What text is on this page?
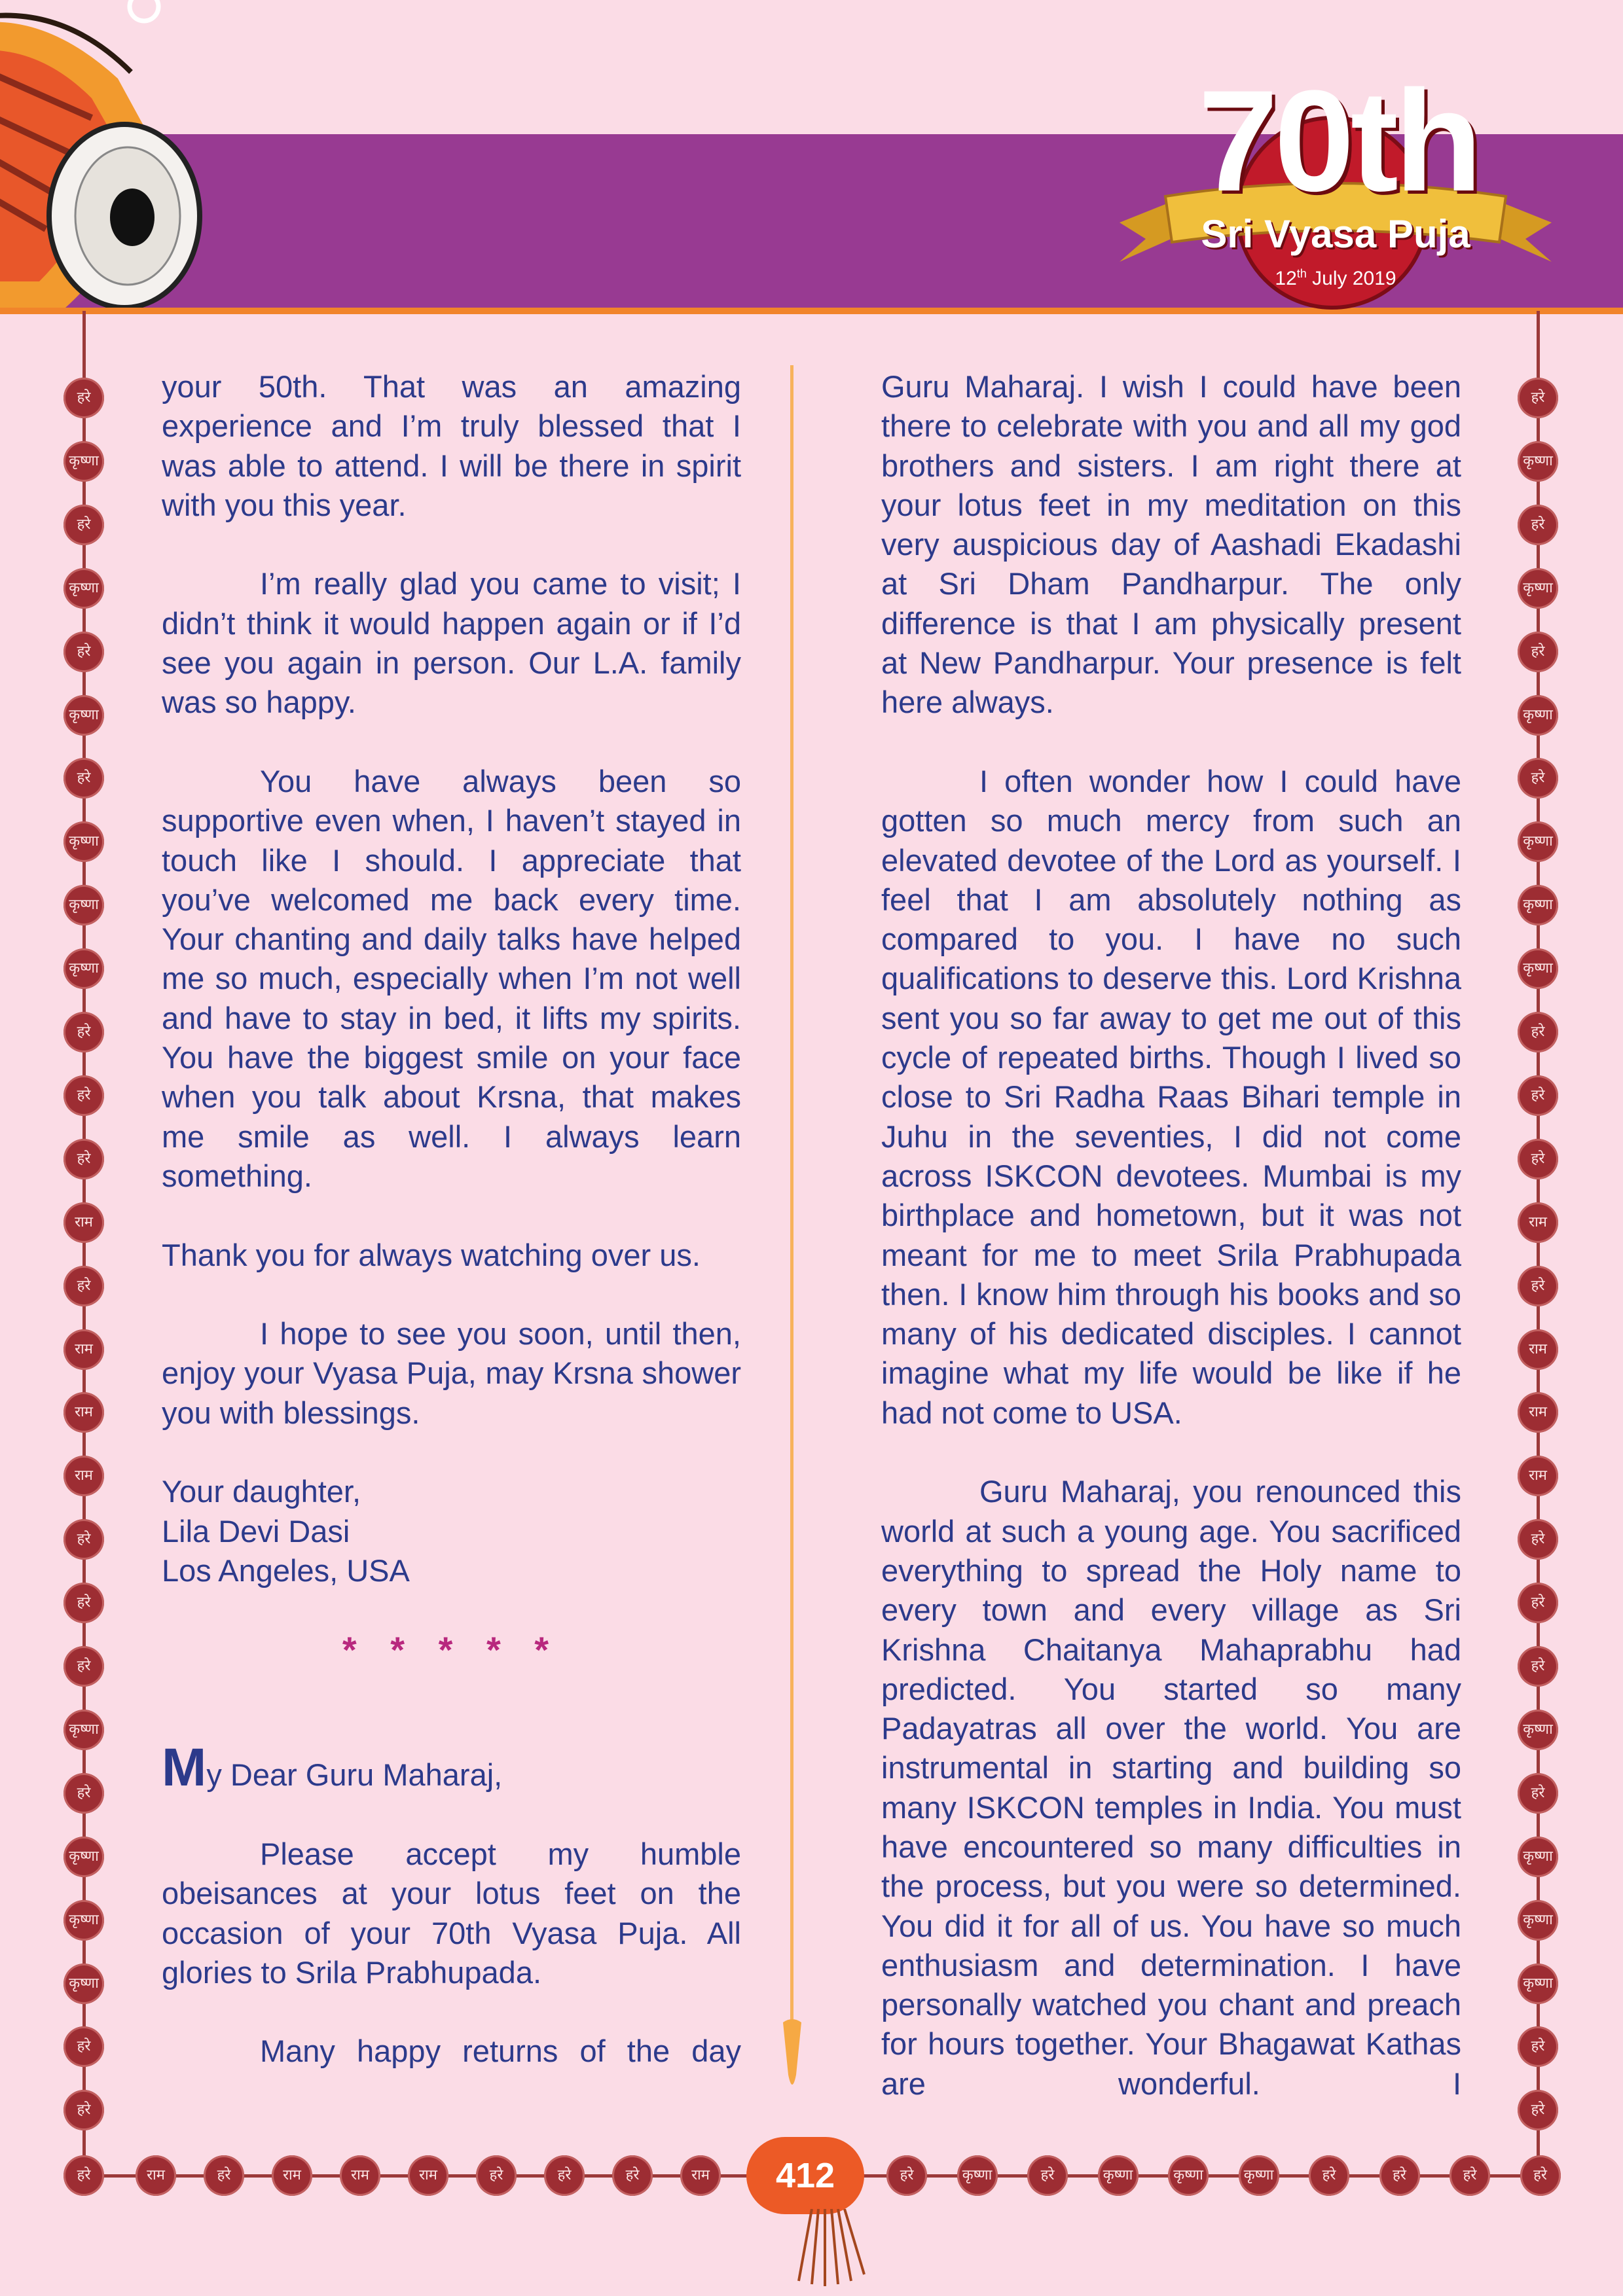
70th
Sri Vyasa Puja
12th July 2019
हरे
कृष्णा
हरे
कृष्णा
हरे
कृष्णा
हरे
कृष्णा
कृष्णा
कृष्णा
हरे
हरे
हरे
राम
हरे
राम
राम
राम
हरे
हरे
हरे
कृष्णा
हरे
कृष्णा
कृष्णा
कृष्णा
हरे
हरे
हरे
कृष्णा
हरे
कृष्णा
हरे
कृष्णा
हरे
कृष्णा
कृष्णा
कृष्णा
हरे
हरे
हरे
राम
हरे
राम
राम
राम
हरे
हरे
हरे
कृष्णा
हरे
कृष्णा
कृष्णा
कृष्णा
हरे
हरे
हरे	राम	हरे	राम	राम	राम	हरे	हरे	हरे	राम	हरे	कृष्णा	हरे	कृष्णा	कृष्णा	कृष्णा	हरे	हरे	हरे	हरे
412

your 50th. That was an amazing experience and I’m truly blessed that I was able to attend. I will be there in spirit with you this year.

I’m really glad you came to visit; I didn’t think it would happen again or if I’d see you again in person. Our L.A. family was so happy.

You have always been so supportive even when, I haven’t stayed in touch like I should. I appreciate that you’ve welcomed me back every time. Your chanting and daily talks have helped me so much, especially when I’m not well and have to stay in bed, it lifts my spirits. You have the biggest smile on your face when you talk about Krsna, that makes me smile as well. I always learn something.

Thank you for always watching over us.

I hope to see you soon, until then, enjoy your Vyasa Puja, may Krsna shower you with blessings.

Your daughter,

Lila Devi Dasi

Los Angeles, USA

* * * * *

My Dear Guru Maharaj,

Please accept my humble obeisances at your lotus feet on the occasion of your 70th Vyasa Puja. All glories to Srila Prabhupada.

Many happy returns of the day

Guru Maharaj. I wish I could have been there to celebrate with you and all my god brothers and sisters. I am right there at your lotus feet in my meditation on this very auspicious day of Aashadi Ekadashi at Sri Dham Pandharpur. The only difference is that I am physically present at New Pandharpur. Your presence is felt here always.

I often wonder how I could have gotten so much mercy from such an elevated devotee of the Lord as yourself. I feel that I am absolutely nothing as compared to you. I have no such qualifications to deserve this. Lord Krishna sent you so far away to get me out of this cycle of repeated births. Though I lived so close to Sri Radha Raas Bihari temple in Juhu in the seventies, I did not come across ISKCON devotees. Mumbai is my birthplace and hometown, but it was not meant for me to meet Srila Prabhupada then. I know him through his books and so many of his dedicated disciples. I cannot imagine what my life would be like if he had not come to USA.

Guru Maharaj, you renounced this world at such a young age. You sacrificed everything to spread the Holy name to every town and every village as Sri Krishna Chaitanya Mahaprabhu had predicted. You started so many Padayatras all over the world. You are instrumental in starting and building so many ISKCON temples in India. You must have encountered so many difficulties in the process, but you were so determined. You did it for all of us. You have so much enthusiasm and determination. I have personally watched you chant and preach for hours together. Your Bhagawat Kathas are wonderful. I
